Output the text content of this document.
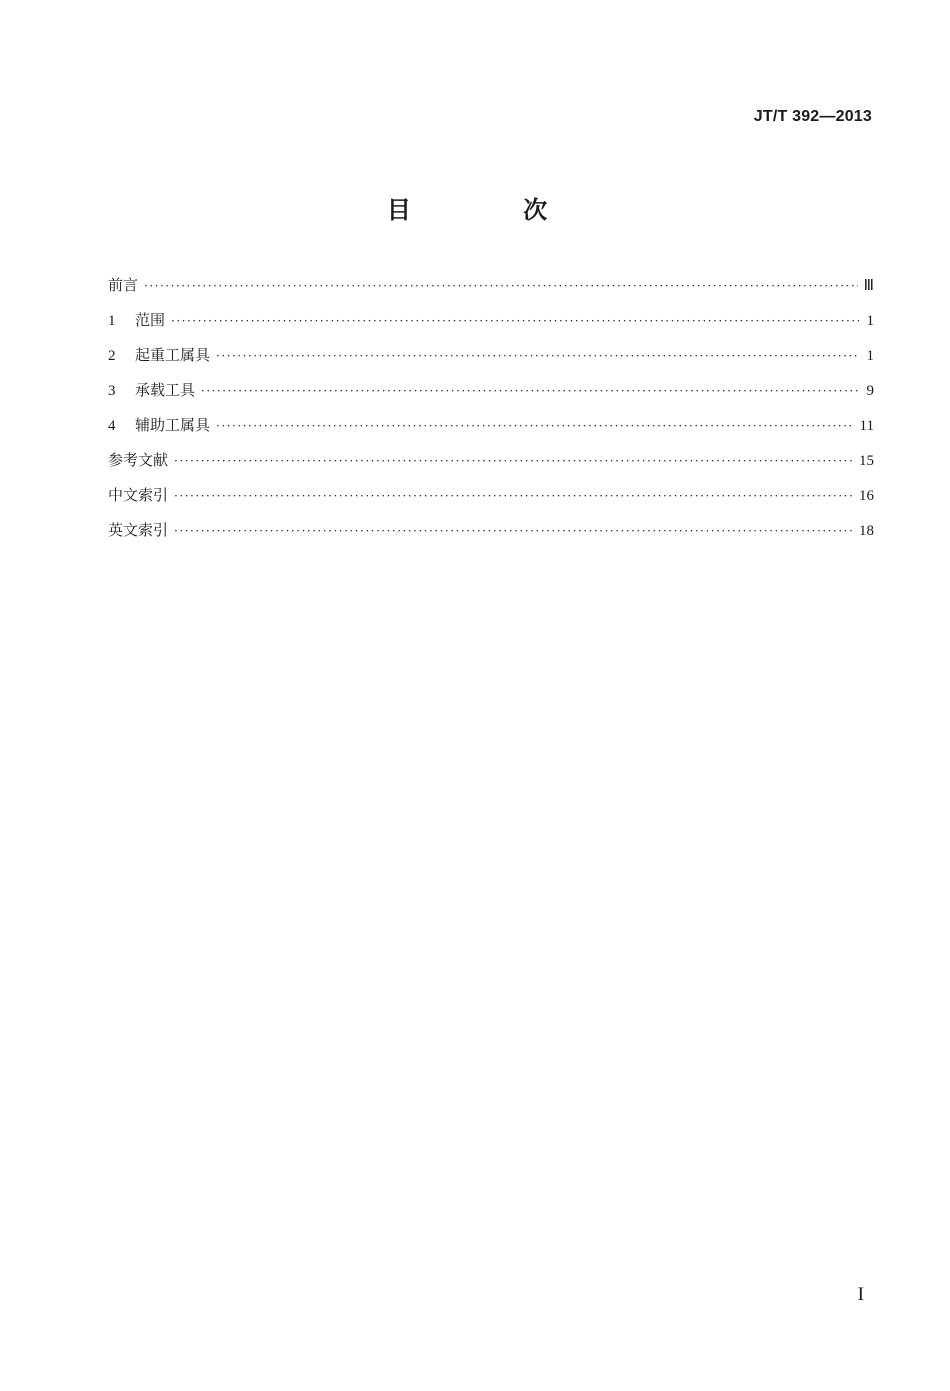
JT/T 392—2013
目 次
前言 ·····	Ⅲ
1	范围 ·····	1
2	起重工属具 ·····	1
3	承载工具 ·····	9
4	辅助工属具 ·····	11
参考文献 ·····	15
中文索引 ·····	16
英文索引 ·····	18
I
